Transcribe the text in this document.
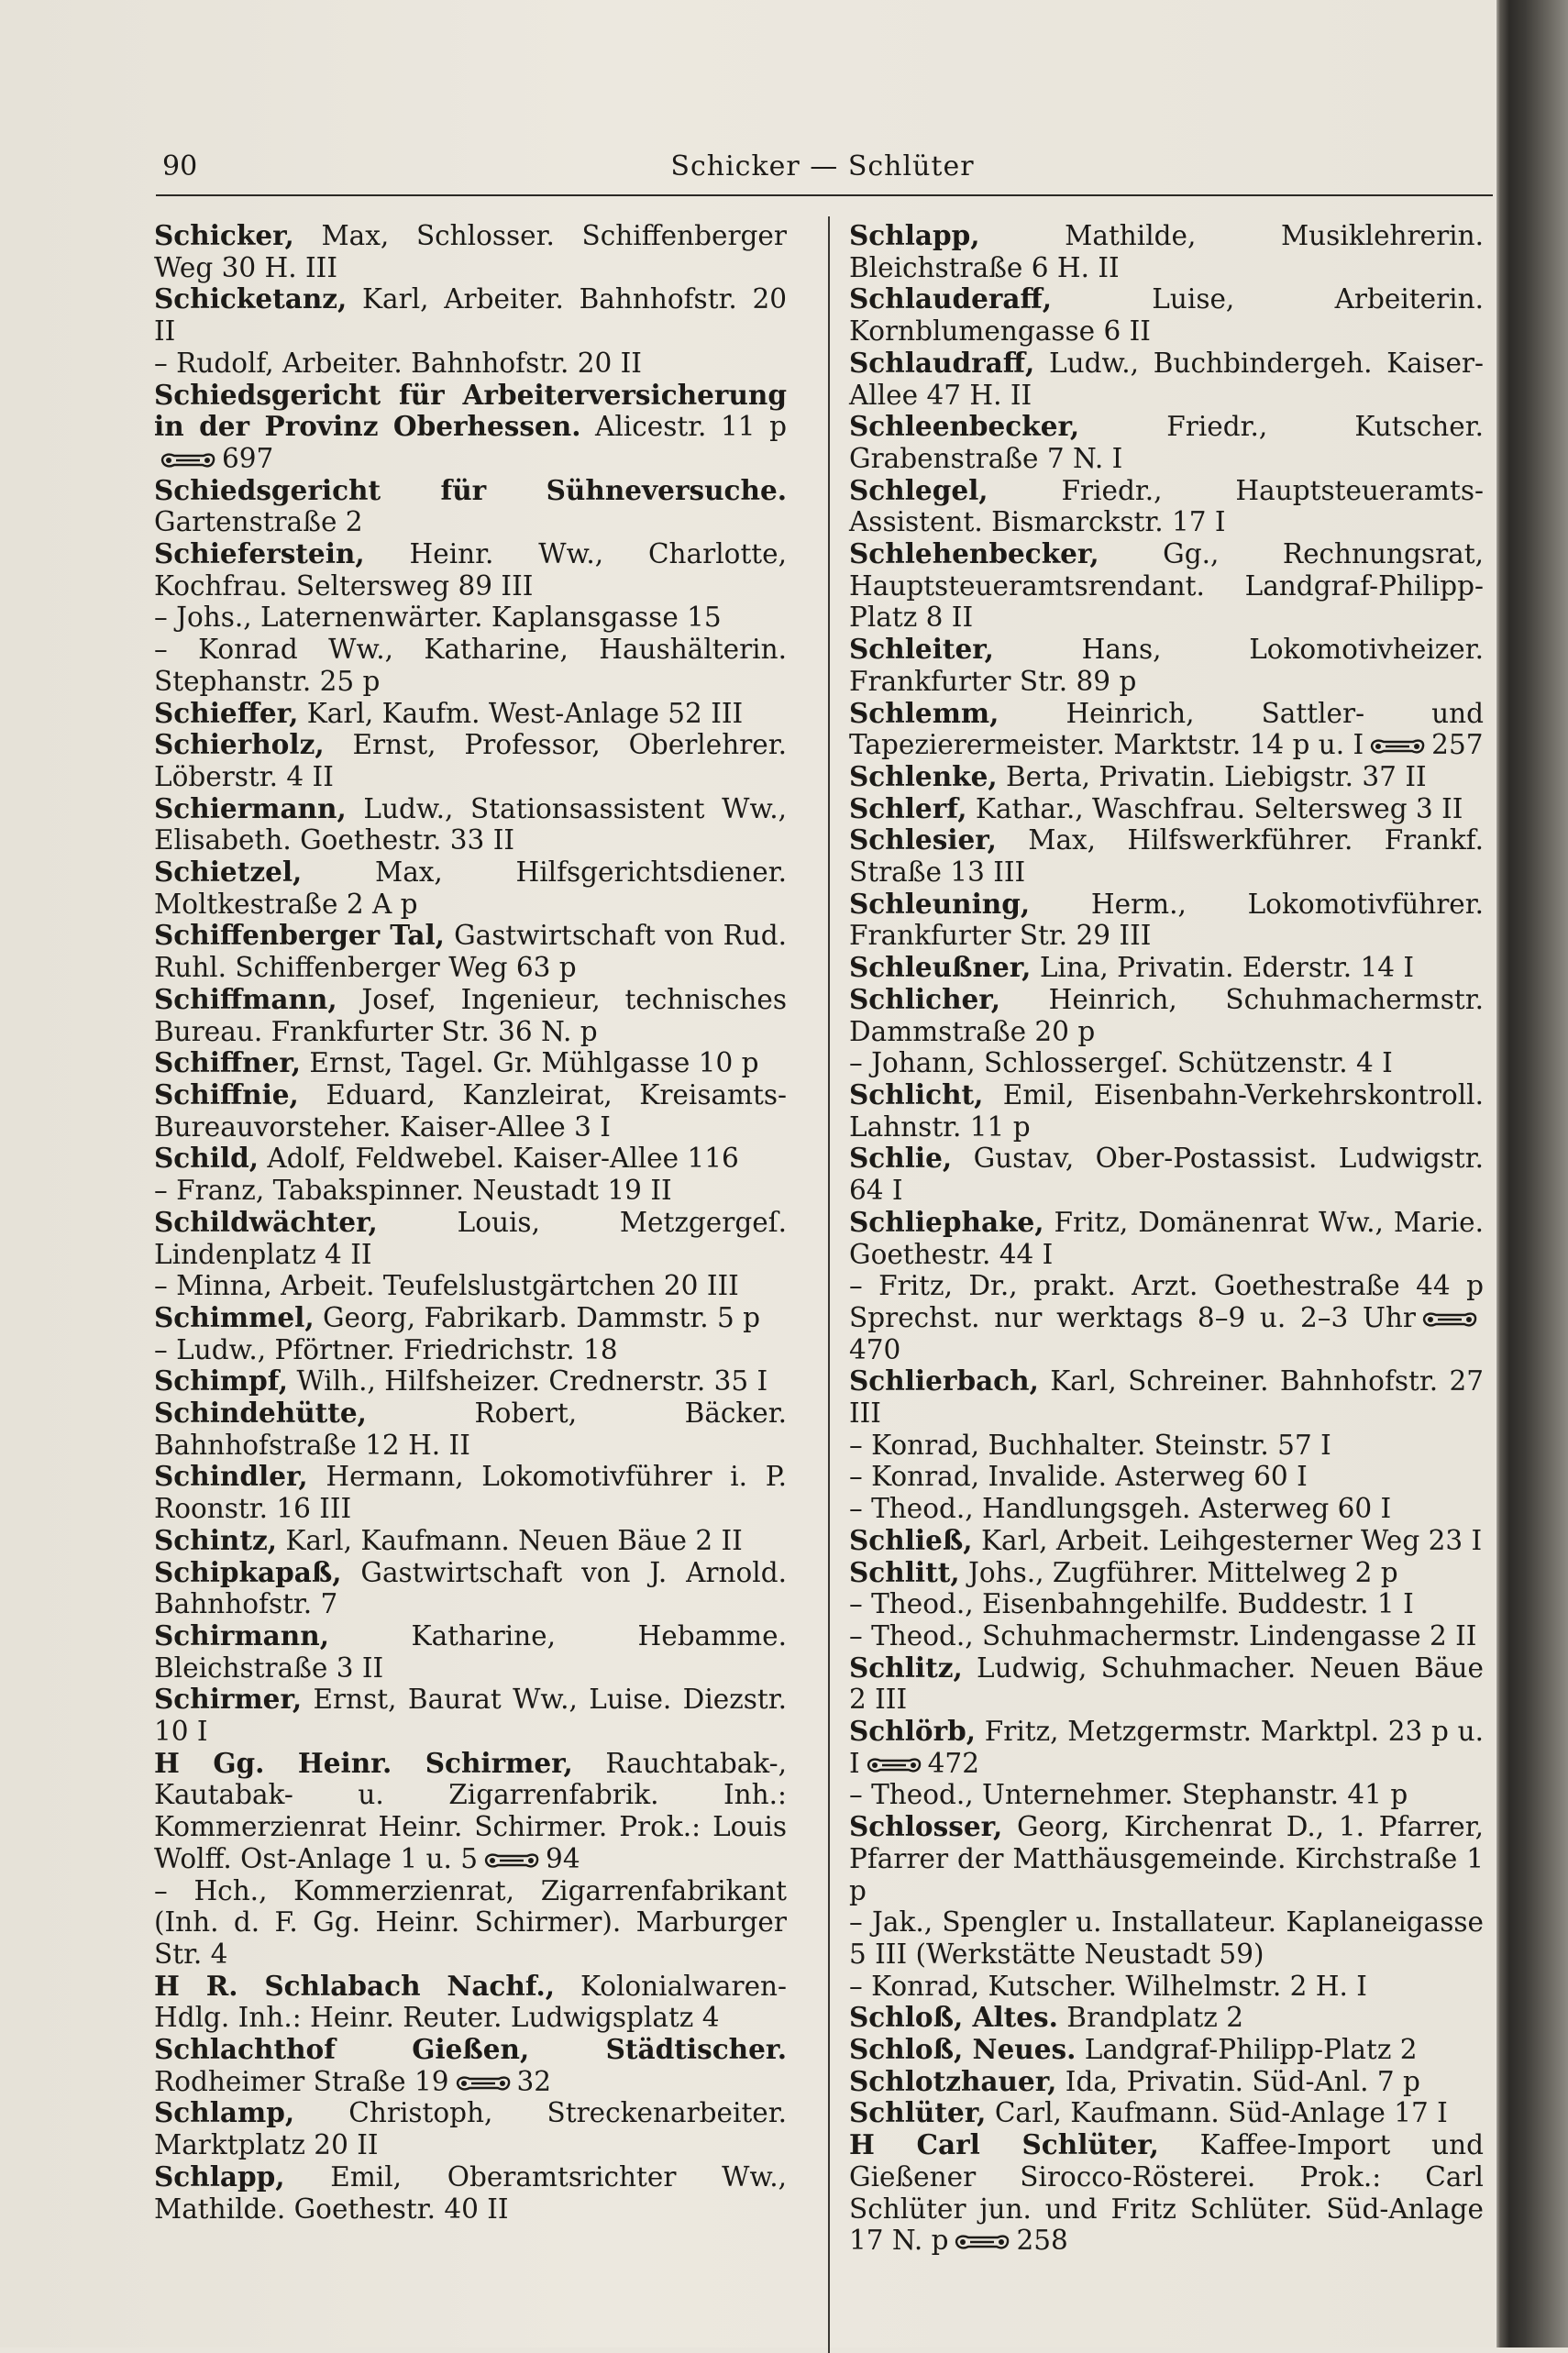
90	Schicker — Schlüter
Schicker, Max, Schlosser. Schiffenberger Weg 30 H. III
Schicketanz, Karl, Arbeiter. Bahnhofstr. 20 II
– Rudolf, Arbeiter. Bahnhofstr. 20 II
Schiedsgericht für Arbeiterversicherung in der Provinz Oberhessen. Alicestr. 11 p
697
Schiedsgericht für Sühneversuche. Gartenstraße 2
Schieferstein, Heinr. Ww., Charlotte, Kochfrau. Seltersweg 89 III
– Johs., Laternenwärter. Kaplansgasse 15
– Konrad Ww., Katharine, Haushälterin. Stephanstr. 25 p
Schieffer, Karl, Kaufm. West-Anlage 52 III
Schierholz, Ernst, Professor, Oberlehrer. Löberstr. 4 II
Schiermann, Ludw., Stationsassistent Ww., Elisabeth. Goethestr. 33 II
Schietzel, Max, Hilfsgerichtsdiener. Moltkestraße 2 A p
Schiffenberger Tal, Gastwirtschaft von Rud. Ruhl. Schiffenberger Weg 63 p
Schiffmann, Josef, Ingenieur, technisches Bureau. Frankfurter Str. 36 N. p
Schiffner, Ernst, Tagel. Gr. Mühlgasse 10 p
Schiffnie, Eduard, Kanzleirat, Kreisamts-Bureauvorsteher. Kaiser-Allee 3 I
Schild, Adolf, Feldwebel. Kaiser-Allee 116
– Franz, Tabakspinner. Neustadt 19 II
Schildwächter, Louis, Metzgergeſ. Lindenplatz 4 II
– Minna, Arbeit. Teufelslustgärtchen 20 III
Schimmel, Georg, Fabrikarb. Dammstr. 5 p
– Ludw., Pförtner. Friedrichstr. 18
Schimpf, Wilh., Hilfsheizer. Crednerstr. 35 I
Schindehütte, Robert, Bäcker. Bahnhofstraße 12 H. II
Schindler, Hermann, Lokomotivführer i. P. Roonstr. 16 III
Schintz, Karl, Kaufmann. Neuen Bäue 2 II
Schipkapaß, Gastwirtschaft von J. Arnold. Bahnhofstr. 7
Schirmann, Katharine, Hebamme. Bleichstraße 3 II
Schirmer, Ernst, Baurat Ww., Luise. Diezstr. 10 I
H Gg. Heinr. Schirmer, Rauchtabak-, Kautabak- u. Zigarrenfabrik. Inh.: Kommerzienrat Heinr. Schirmer. Prok.: Louis Wolff. Ost-Anlage 1 u. 5	94
– Hch., Kommerzienrat, Zigarrenfabrikant (Inh. d. F. Gg. Heinr. Schirmer). Marburger Str. 4
H R. Schlabach Nachf., Kolonialwaren-Hdlg. Inh.: Heinr. Reuter. Ludwigsplatz 4
Schlachthof Gießen, Städtischer. Rodheimer Straße 19	32
Schlamp, Christoph, Streckenarbeiter. Marktplatz 20 II
Schlapp, Emil, Oberamtsrichter Ww., Mathilde. Goethestr. 40 II
Schlapp, Mathilde, Musiklehrerin. Bleichstraße 6 H. II
Schlauderaff, Luise, Arbeiterin. Kornblumengasse 6 II
Schlaudraff, Ludw., Buchbindergeh. Kaiser-Allee 47 H. II
Schleenbecker, Friedr., Kutscher. Grabenstraße 7 N. I
Schlegel, Friedr., Hauptsteueramts-Assistent. Bismarckstr. 17 I
Schlehenbecker, Gg., Rechnungsrat, Hauptsteueramtsrendant. Landgraf-Philipp-Platz 8 II
Schleiter, Hans, Lokomotivheizer. Frankfurter Str. 89 p
Schlemm, Heinrich, Sattler- und Tapezierermeister. Marktstr. 14 p u. I	257
Schlenke, Berta, Privatin. Liebigstr. 37 II
Schlerf, Kathar., Waschfrau. Seltersweg 3 II
Schlesier, Max, Hilfswerkführer. Frankf. Straße 13 III
Schleuning, Herm., Lokomotivführer. Frankfurter Str. 29 III
Schleußner, Lina, Privatin. Ederstr. 14 I
Schlicher, Heinrich, Schuhmachermstr. Dammstraße 20 p
– Johann, Schlossergeſ. Schützenstr. 4 I
Schlicht, Emil, Eisenbahn-Verkehrskontroll. Lahnstr. 11 p
Schlie, Gustav, Ober-Postassist. Ludwigstr. 64 I
Schliephake, Fritz, Domänenrat Ww., Marie. Goethestr. 44 I
– Fritz, Dr., prakt. Arzt. Goethestraße 44 p Sprechst. nur werktags 8–9 u. 2–3 Uhr
470
Schlierbach, Karl, Schreiner. Bahnhofstr. 27 III
– Konrad, Buchhalter. Steinstr. 57 I
– Konrad, Invalide. Asterweg 60 I
– Theod., Handlungsgeh. Asterweg 60 I
Schließ, Karl, Arbeit. Leihgesterner Weg 23 I
Schlitt, Johs., Zugführer. Mittelweg 2 p
– Theod., Eisenbahngehilfe. Buddestr. 1 I
– Theod., Schuhmachermstr. Lindengasse 2 II
Schlitz, Ludwig, Schuhmacher. Neuen Bäue 2 III
Schlörb, Fritz, Metzgermstr. Marktpl. 23 p u. I	472
– Theod., Unternehmer. Stephanstr. 41 p
Schlosser, Georg, Kirchenrat D., 1. Pfarrer, Pfarrer der Matthäusgemeinde. Kirchstraße 1 p
– Jak., Spengler u. Installateur. Kaplaneigasse 5 III (Werkstätte Neustadt 59)
– Konrad, Kutscher. Wilhelmstr. 2 H. I
Schloß, Altes. Brandplatz 2
Schloß, Neues. Landgraf-Philipp-Platz 2
Schlotzhauer, Ida, Privatin. Süd-Anl. 7 p
Schlüter, Carl, Kaufmann. Süd-Anlage 17 I
H Carl Schlüter, Kaffee-Import und Gießener Sirocco-Rösterei. Prok.: Carl Schlüter jun. und Fritz Schlüter. Süd-Anlage 17 N. p	258
